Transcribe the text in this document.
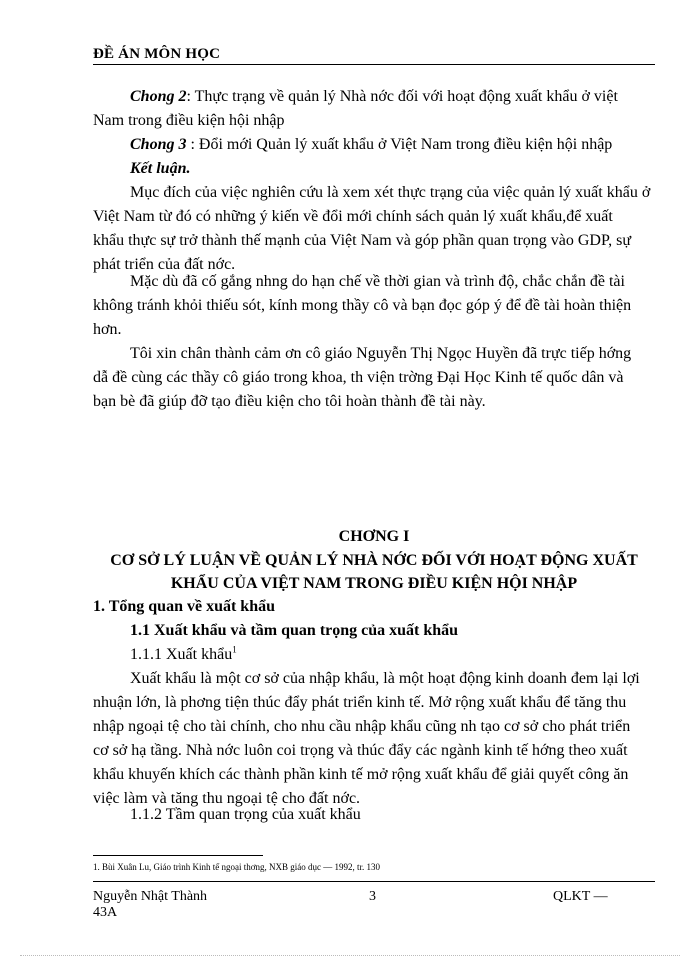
ĐỀ ÁN MÔN HỌC
Chong 2: Thực trạng về quản lý Nhà nớc đối với hoạt động xuất khẩu ở việt
Nam trong điều kiện hội nhập
Chong 3 : Đổi mới Quản lý xuất khẩu ở Việt Nam trong điều kiện hội nhập
Kết luận.
Mục đích của việc nghiên cứu là xem xét thực trạng của việc quản lý xuất khẩu ở
Việt Nam từ đó có những ý kiến về đổi mới chính sách quản lý xuất khẩu,để xuất
khẩu thực sự trở thành thế mạnh của Việt Nam và góp phần quan trọng vào GDP, sự
phát triển của đất nớc.
Mặc dù đã cố gắng nhng do hạn chế về thời gian và trình độ, chắc chắn đề tài
không tránh khỏi thiếu sót, kính mong thầy cô và bạn đọc góp ý để đề tài hoàn thiện
hơn.
Tôi xin chân thành cảm ơn cô giáo Nguyễn Thị Ngọc Huyền đã trực tiếp hớng
dẫ đề cùng các thầy cô giáo trong khoa, th viện trờng Đại Học Kinh tế quốc dân và
bạn bè đã giúp đỡ tạo điều kiện cho tôi hoàn thành đề tài này.
CHƠNG I
CƠ SỞ LÝ LUẬN VỀ QUẢN LÝ NHÀ NỚC ĐỐI VỚI HOẠT ĐỘNG XUẤT
KHẨU CỦA VIỆT NAM TRONG ĐIỀU KIỆN HỘI NHẬP
1. Tổng quan về xuất khẩu
1.1 Xuất khẩu và tầm quan trọng của xuất khẩu
1.1.1 Xuất khẩu$^1$
Xuất khẩu là một cơ sở của nhập khẩu, là một hoạt động kinh doanh đem lại lợi
nhuận lớn, là phơng tiện thúc đẩy phát triển kinh tế. Mở rộng xuất khẩu để tăng thu
nhập ngoại tệ cho tài chính, cho nhu cầu nhập khẩu cũng nh tạo cơ sở cho phát triển
cơ sở hạ tầng. Nhà nớc luôn coi trọng và thúc đẩy các ngành kinh tế hớng theo xuất
khẩu khuyến khích các thành phần kinh tế mở rộng xuất khẩu để giải quyết công ăn
việc làm và tăng thu ngoại tệ cho đất nớc.
1.1.2 Tầm quan trọng của xuất khẩu
1. Bùi Xuân Lu, Giáo trình Kinh tế ngoại thơng, NXB giáo dục — 1992, tr. 130
Nguyễn Nhật Thành
43A
3	QLKT —
